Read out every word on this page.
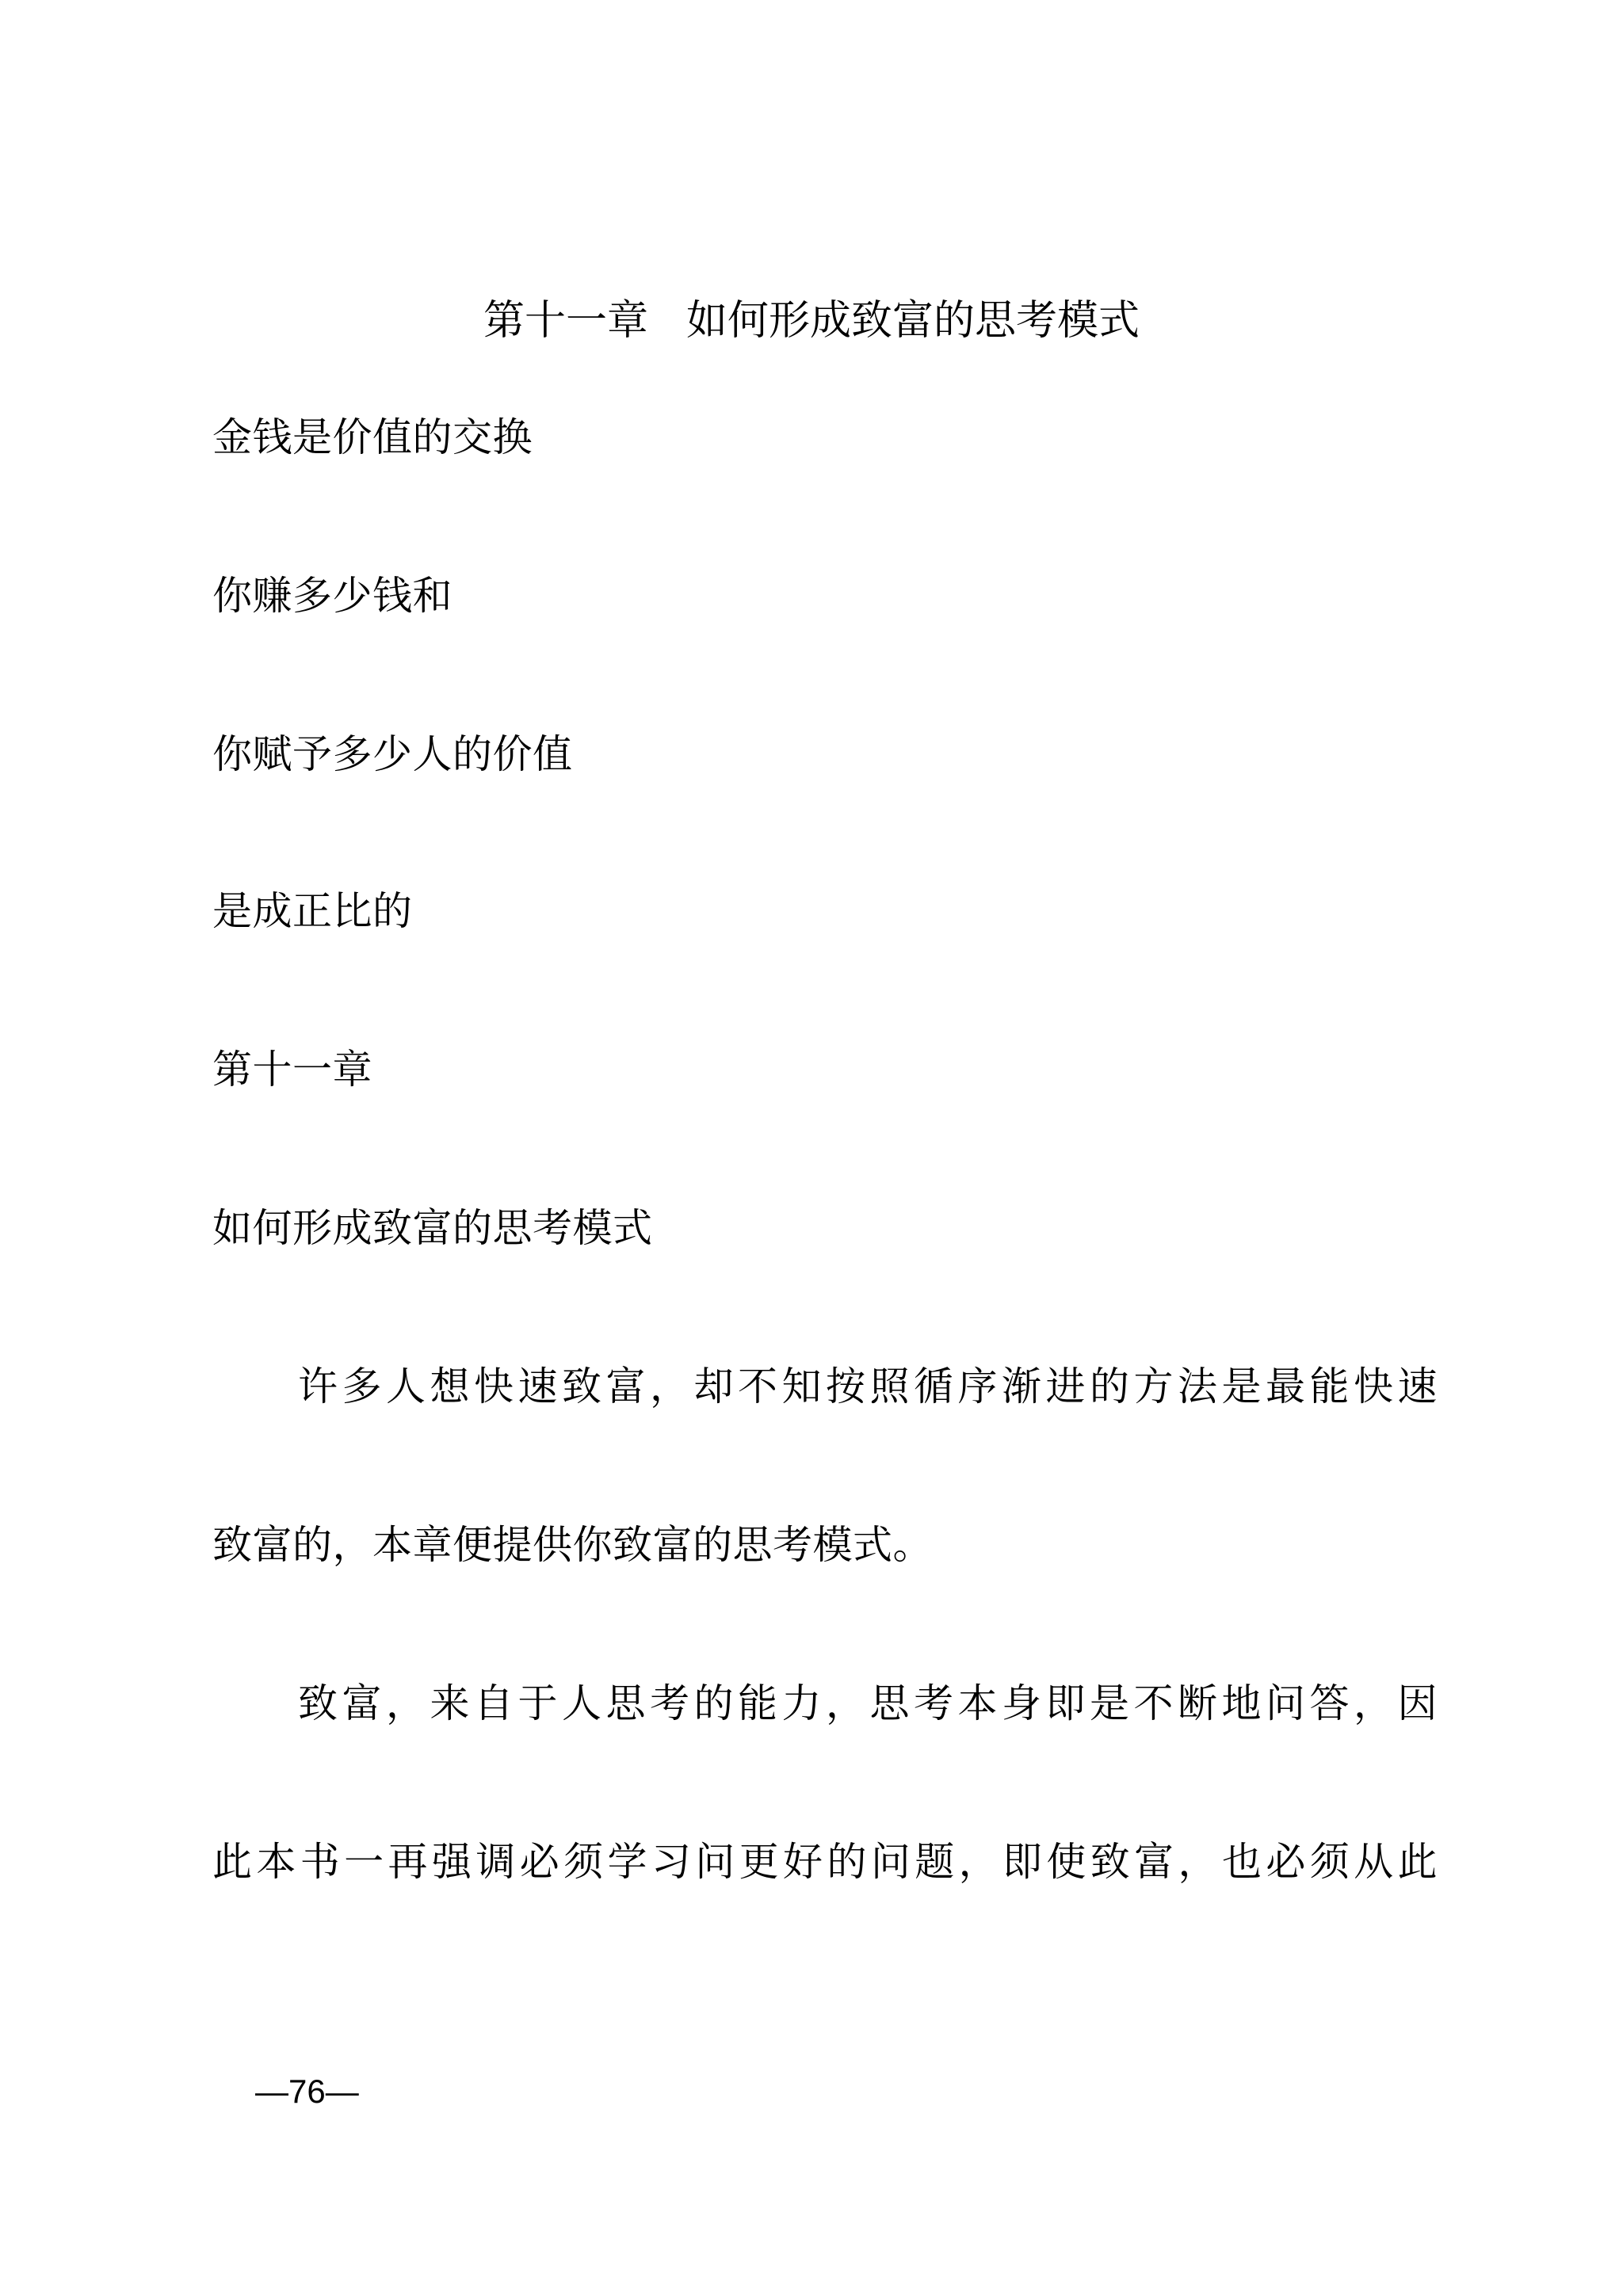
第十一章 如何形成致富的思考模式
金钱是价值的交换
你赚多少钱和
你赋予多少人的价值
是成正比的
第十一章
如何形成致富的思考模式
许多人想快速致富，却不知按照循序渐进的方法是最能快速
致富的，本章便提供你致富的思考模式。
致富，来自于人思考的能力，思考本身即是不断地问答，因
此本书一再强调必须学习问更好的问题，即使致富，也必须从此
—76—
